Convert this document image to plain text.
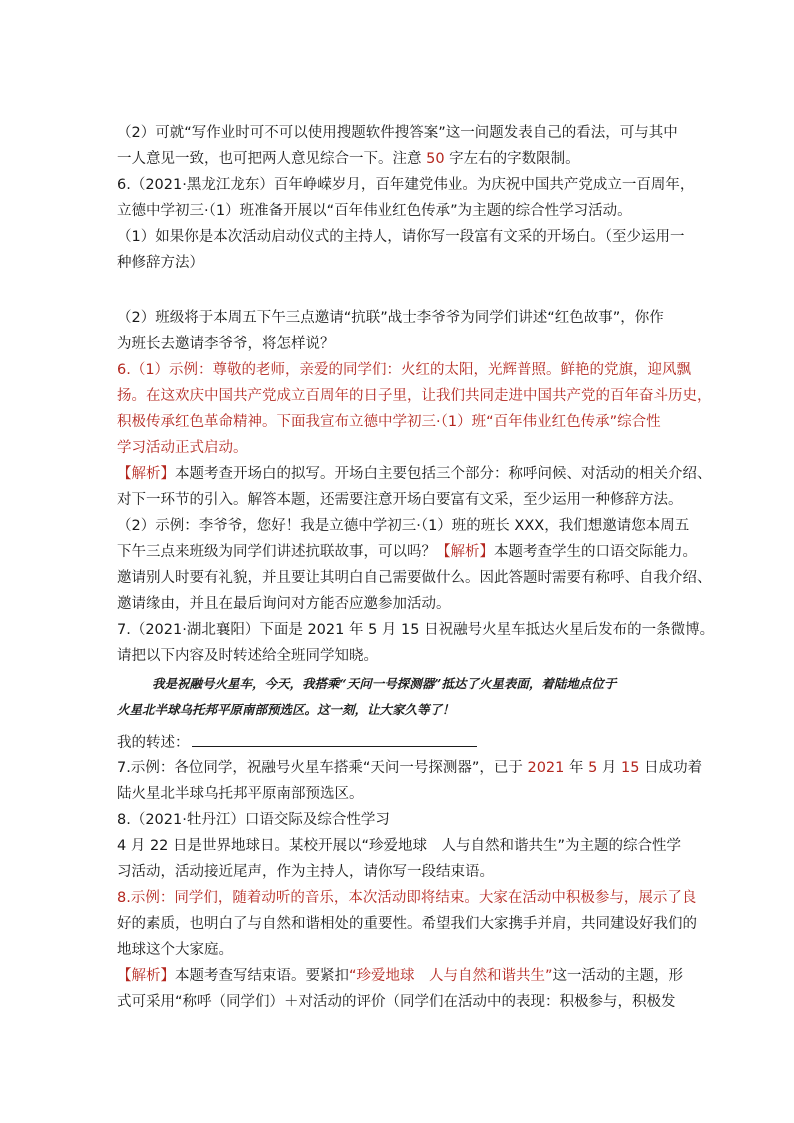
（2）可就“写作业时可不可以使用搜题软件搜答案”这一问题发表自己的看法，可与其中
一人意见一致，也可把两人意见综合一下。注意 50 字左右的字数限制。
6.（2021·黑龙江龙东）百年峥嵘岁月，百年建党伟业。为庆祝中国共产党成立一百周年，
立德中学初三·（1）班准备开展以“百年伟业红色传承”为主题的综合性学习活动。
（1）如果你是本次活动启动仪式的主持人，请你写一段富有文采的开场白。（至少运用一
种修辞方法）
（2）班级将于本周五下午三点邀请“抗联”战士李爷爷为同学们讲述“红色故事”，你作
为班长去邀请李爷爷，将怎样说？
6.（1）示例：尊敬的老师，亲爱的同学们：火红的太阳，光辉普照。鲜艳的党旗，迎风飘
扬。在这欢庆中国共产党成立百周年的日子里，让我们共同走进中国共产党的百年奋斗历史，
积极传承红色革命精神。下面我宣布立德中学初三·（1）班“百年伟业红色传承”综合性
学习活动正式启动。
【解析】本题考查开场白的拟写。开场白主要包括三个部分：称呼问候、对活动的相关介绍、
对下一环节的引入。解答本题，还需要注意开场白要富有文采，至少运用一种修辞方法。
（2）示例：李爷爷，您好！我是立德中学初三·（1）班的班长 XXX，我们想邀请您本周五
下午三点来班级为同学们讲述抗联故事，可以吗？【解析】本题考查学生的口语交际能力。
邀请别人时要有礼貌，并且要让其明白自己需要做什么。因此答题时需要有称呼、自我介绍、
邀请缘由，并且在最后询问对方能否应邀参加活动。
7.（2021·湖北襄阳）下面是 2021 年 5 月 15 日祝融号火星车抵达火星后发布的一条微博。
请把以下内容及时转述给全班同学知晓。
我是祝融号火星车，今天，我搭乘“天问一号探测器”抵达了火星表面，着陆地点位于
火星北半球乌托邦平原南部预选区。这一刻，让大家久等了！
我的转述：
7.示例：各位同学，祝融号火星车搭乘“天问一号探测器”，已于 2021 年 5 月 15 日成功着
陆火星北半球乌托邦平原南部预选区。
8.（2021·牡丹江）口语交际及综合性学习
4 月 22 日是世界地球日。某校开展以“珍爱地球　人与自然和谐共生”为主题的综合性学
习活动，活动接近尾声，作为主持人，请你写一段结束语。
8.示例：同学们，随着动听的音乐，本次活动即将结束。大家在活动中积极参与，展示了良
好的素质，也明白了与自然和谐相处的重要性。希望我们大家携手并肩，共同建设好我们的
地球这个大家庭。
【解析】本题考查写结束语。要紧扣“珍爱地球　人与自然和谐共生”这一活动的主题，形
式可采用“称呼（同学们）＋对活动的评价（同学们在活动中的表现：积极参与，积极发
